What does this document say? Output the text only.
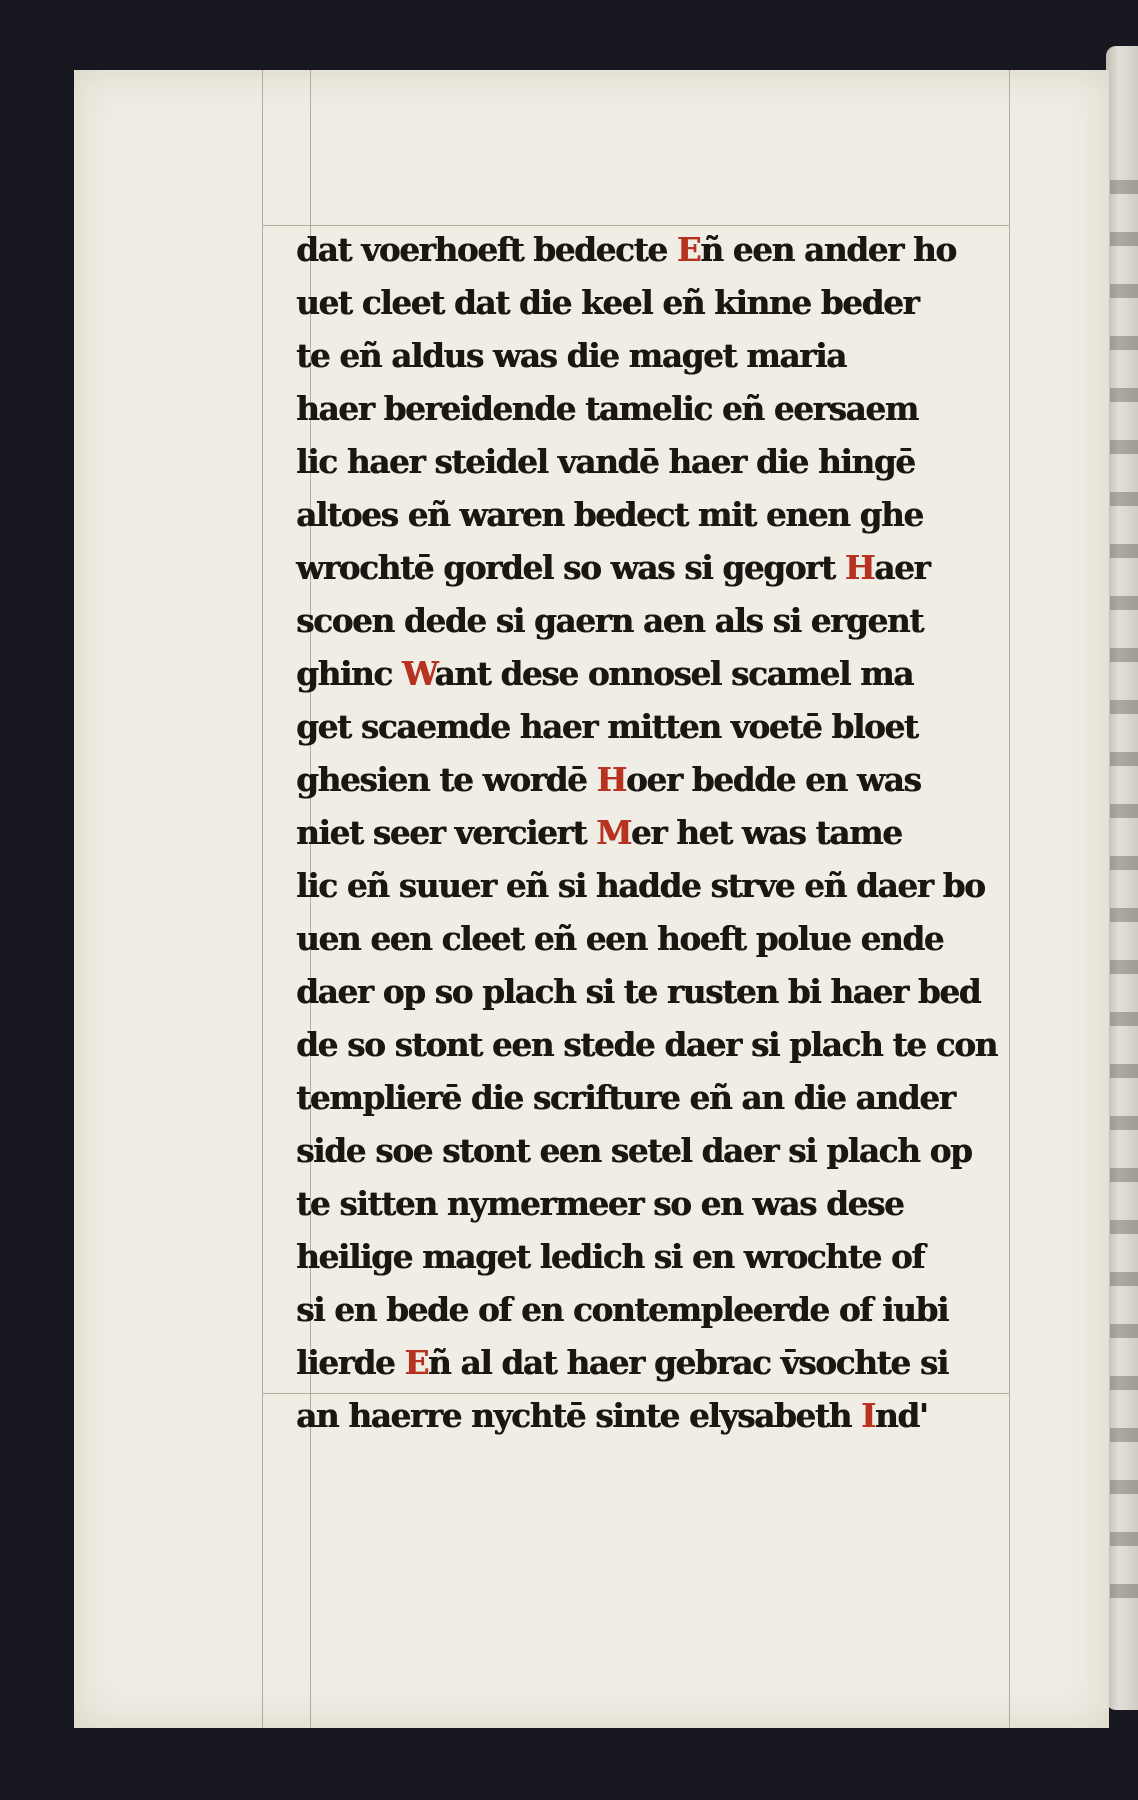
dat voerhoeft bedecte Eñ een ander ho
uet cleet dat die keel eñ kinne beder
te eñ aldus was die maget maria
haer bereidende tamelic eñ eersaem
lic haer steidel vandē haer die hingē
altoes eñ waren bedect mit enen ghe
wrochtē gordel so was si gegort Haer
scoen dede si gaern aen als si ergent
ghinc Want dese onnosel scamel ma
get scaemde haer mitten voetē bloet
ghesien te wordē Hoer bedde en was
niet seer verciert Mer het was tame
lic eñ suuer eñ si hadde strve eñ daer bo
uen een cleet eñ een hoeft polue ende
daer op so plach si te rusten bi haer bed
de so stont een stede daer si plach te con
templierē die scrifture eñ an die ander
side soe stont een setel daer si plach op
te sitten nymermeer so en was dese
heilige maget ledich si en wrochte of
si en bede of en contempleerde of iubi
lierde Eñ al dat haer gebrac v̄sochte si
an haerre nychtē sinte elysabeth Ind'
